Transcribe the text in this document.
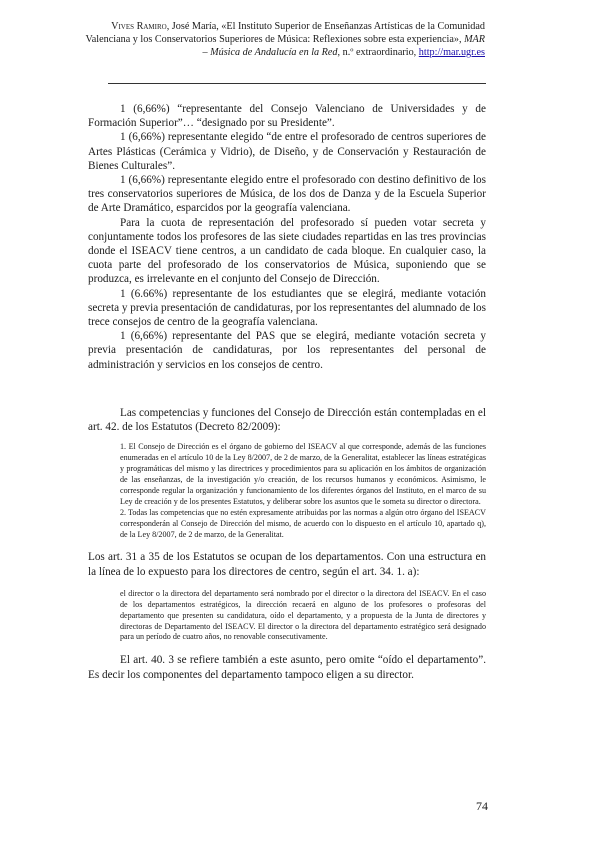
Vives Ramiro, José María, «El Instituto Superior de Enseñanzas Artísticas de la Comunidad
Valenciana y los Conservatorios Superiores de Música: Reflexiones sobre esta experiencia», MAR
– Música de Andalucía en la Red, n.º extraordinario, http://mar.ugr.es

1 (6,66%) “representante del Consejo Valenciano de Universidades y de Formación Superior”… “designado por su Presidente”.

1 (6,66%) representante elegido “de entre el profesorado de centros superiores de Artes Plásticas (Cerámica y Vidrio), de Diseño, y de Conservación y Restauración de Bienes Culturales”.

1 (6,66%) representante elegido entre el profesorado con destino definitivo de los tres conservatorios superiores de Música, de los dos de Danza y de la Escuela Superior de Arte Dramático, esparcidos por la geografía valenciana.

Para la cuota de representación del profesorado sí pueden votar secreta y conjuntamente todos los profesores de las siete ciudades repartidas en las tres provincias donde el ISEACV tiene centros, a un candidato de cada bloque. En cualquier caso, la cuota parte del profesorado de los conservatorios de Música, suponiendo que se produzca, es irrelevante en el conjunto del Consejo de Dirección.

1 (6.66%) representante de los estudiantes que se elegirá, mediante votación secreta y previa presentación de candidaturas, por los representantes del alumnado de los trece consejos de centro de la geografía valenciana.

1 (6,66%) representante del PAS que se elegirá, mediante votación secreta y previa presentación de candidaturas, por los representantes del personal de administración y servicios en los consejos de centro.

Las competencias y funciones del Consejo de Dirección están contempladas en el art. 42. de los Estatutos (Decreto 82/2009):

1. El Consejo de Dirección es el órgano de gobierno del ISEACV al que corresponde, además de las funciones enumeradas en el artículo 10 de la Ley 8/2007, de 2 de marzo, de la Generalitat, establecer las líneas estratégicas y programáticas del mismo y las directrices y procedimientos para su aplicación en los ámbitos de organización de las enseñanzas, de la investigación y/o creación, de los recursos humanos y económicos. Asimismo, le corresponde regular la organización y funcionamiento de los diferentes órganos del Instituto, en el marco de su Ley de creación y de los presentes Estatutos, y deliberar sobre los asuntos que le someta su director o directora.

2. Todas las competencias que no estén expresamente atribuidas por las normas a algún otro órgano del ISEACV corresponderán al Consejo de Dirección del mismo, de acuerdo con lo dispuesto en el artículo 10, apartado q), de la Ley 8/2007, de 2 de marzo, de la Generalitat.

Los art. 31 a 35 de los Estatutos se ocupan de los departamentos. Con una estructura en la línea de lo expuesto para los directores de centro, según el art. 34. 1. a):

el director o la directora del departamento será nombrado por el director o la directora del ISEACV. En el caso de los departamentos estratégicos, la dirección recaerá en alguno de los profesores o profesoras del departamento que presenten su candidatura, oído el departamento, y a propuesta de la Junta de directores y directoras de Departamento del ISEACV. El director o la directora del departamento estratégico será designado para un período de cuatro años, no renovable consecutivamente.

El art. 40. 3 se refiere también a este asunto, pero omite “oído el departamento”. Es decir los componentes del departamento tampoco eligen a su director.

74
